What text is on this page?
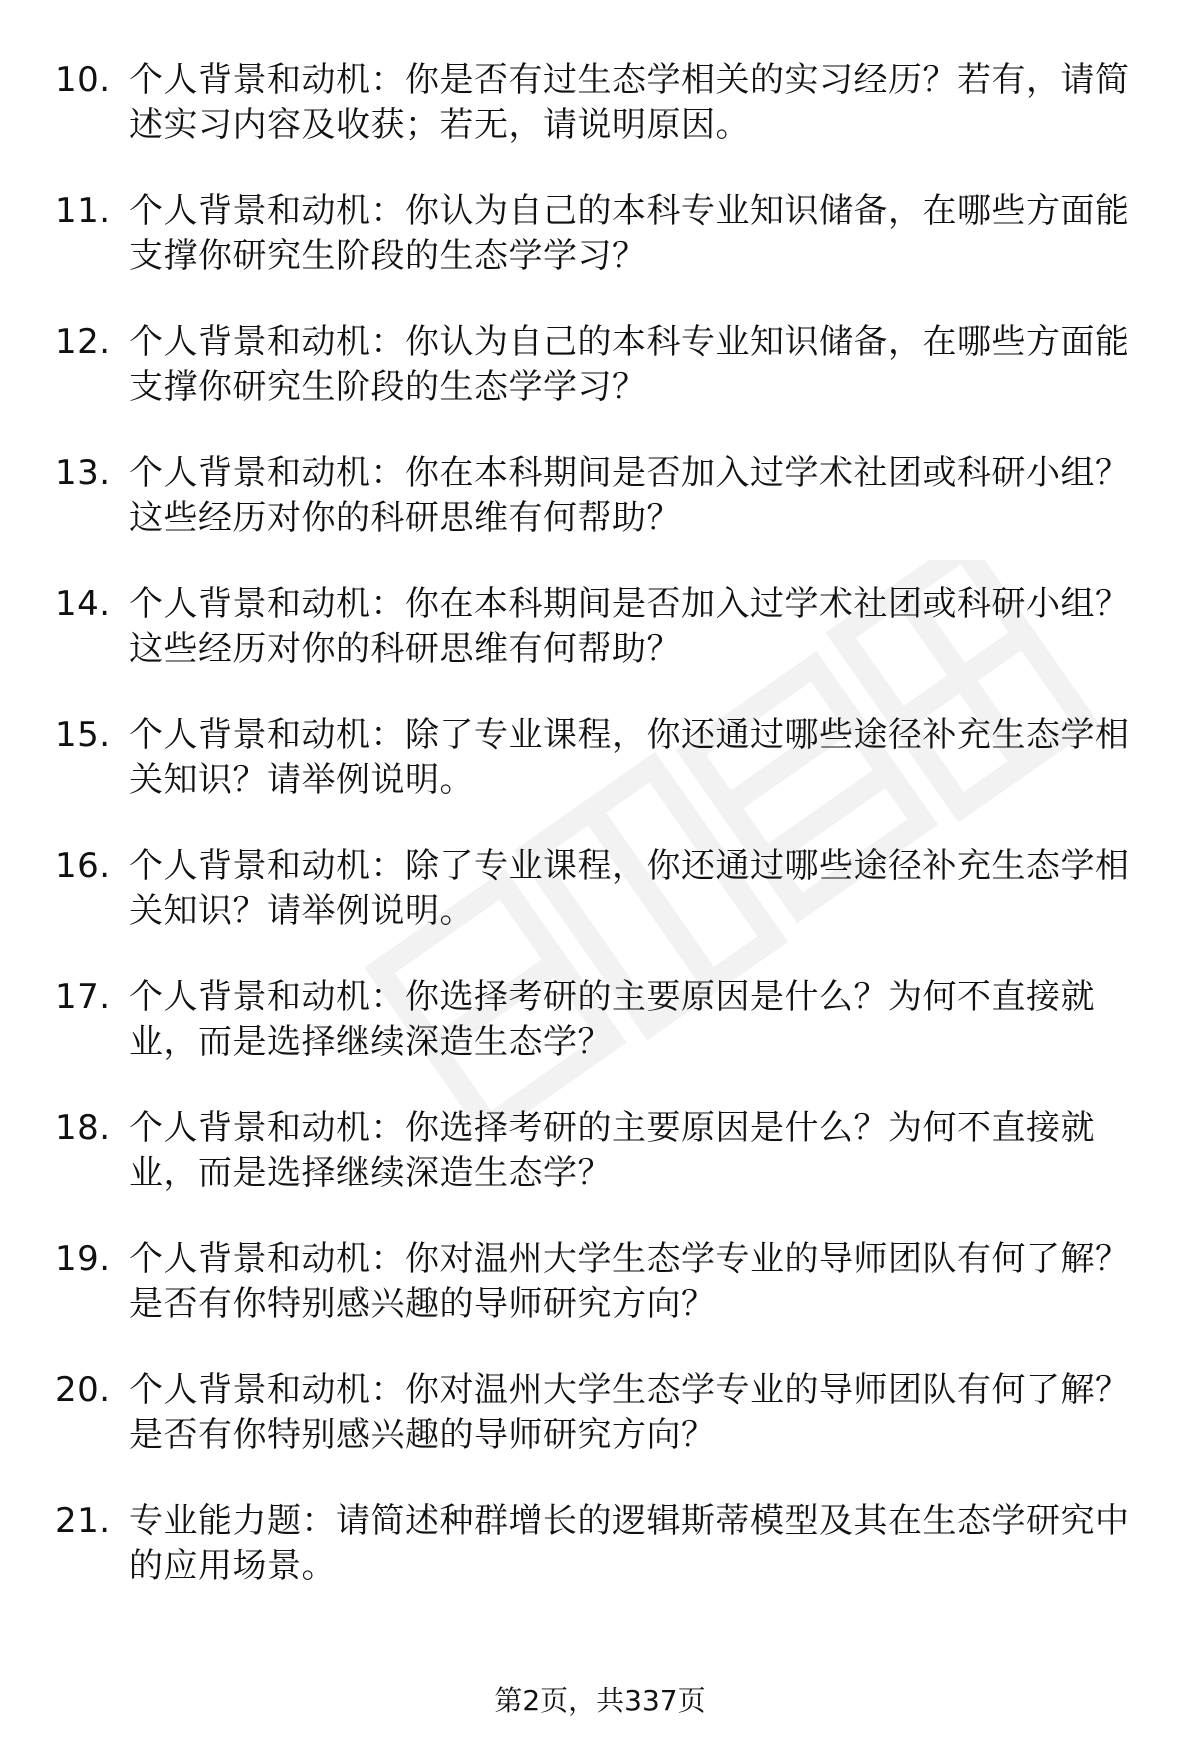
10. 个人背景和动机：你是否有过生态学相关的实习经历？若有，请简述实习内容及收获；若无，请说明原因。
11. 个人背景和动机：你认为自己的本科专业知识储备，在哪些方面能支撑你研究生阶段的生态学学习？
12. 个人背景和动机：你认为自己的本科专业知识储备，在哪些方面能支撑你研究生阶段的生态学学习？
13. 个人背景和动机：你在本科期间是否加入过学术社团或科研小组？这些经历对你的科研思维有何帮助？
14. 个人背景和动机：你在本科期间是否加入过学术社团或科研小组？这些经历对你的科研思维有何帮助？
15. 个人背景和动机：除了专业课程，你还通过哪些途径补充生态学相关知识？请举例说明。
16. 个人背景和动机：除了专业课程，你还通过哪些途径补充生态学相关知识？请举例说明。
17. 个人背景和动机：你选择考研的主要原因是什么？为何不直接就业，而是选择继续深造生态学？
18. 个人背景和动机：你选择考研的主要原因是什么？为何不直接就业，而是选择继续深造生态学？
19. 个人背景和动机：你对温州大学生态学专业的导师团队有何了解？是否有你特别感兴趣的导师研究方向？
20. 个人背景和动机：你对温州大学生态学专业的导师团队有何了解？是否有你特别感兴趣的导师研究方向？
21. 专业能力题：请简述种群增长的逻辑斯蒂模型及其在生态学研究中的应用场景。
第2页，共337页
